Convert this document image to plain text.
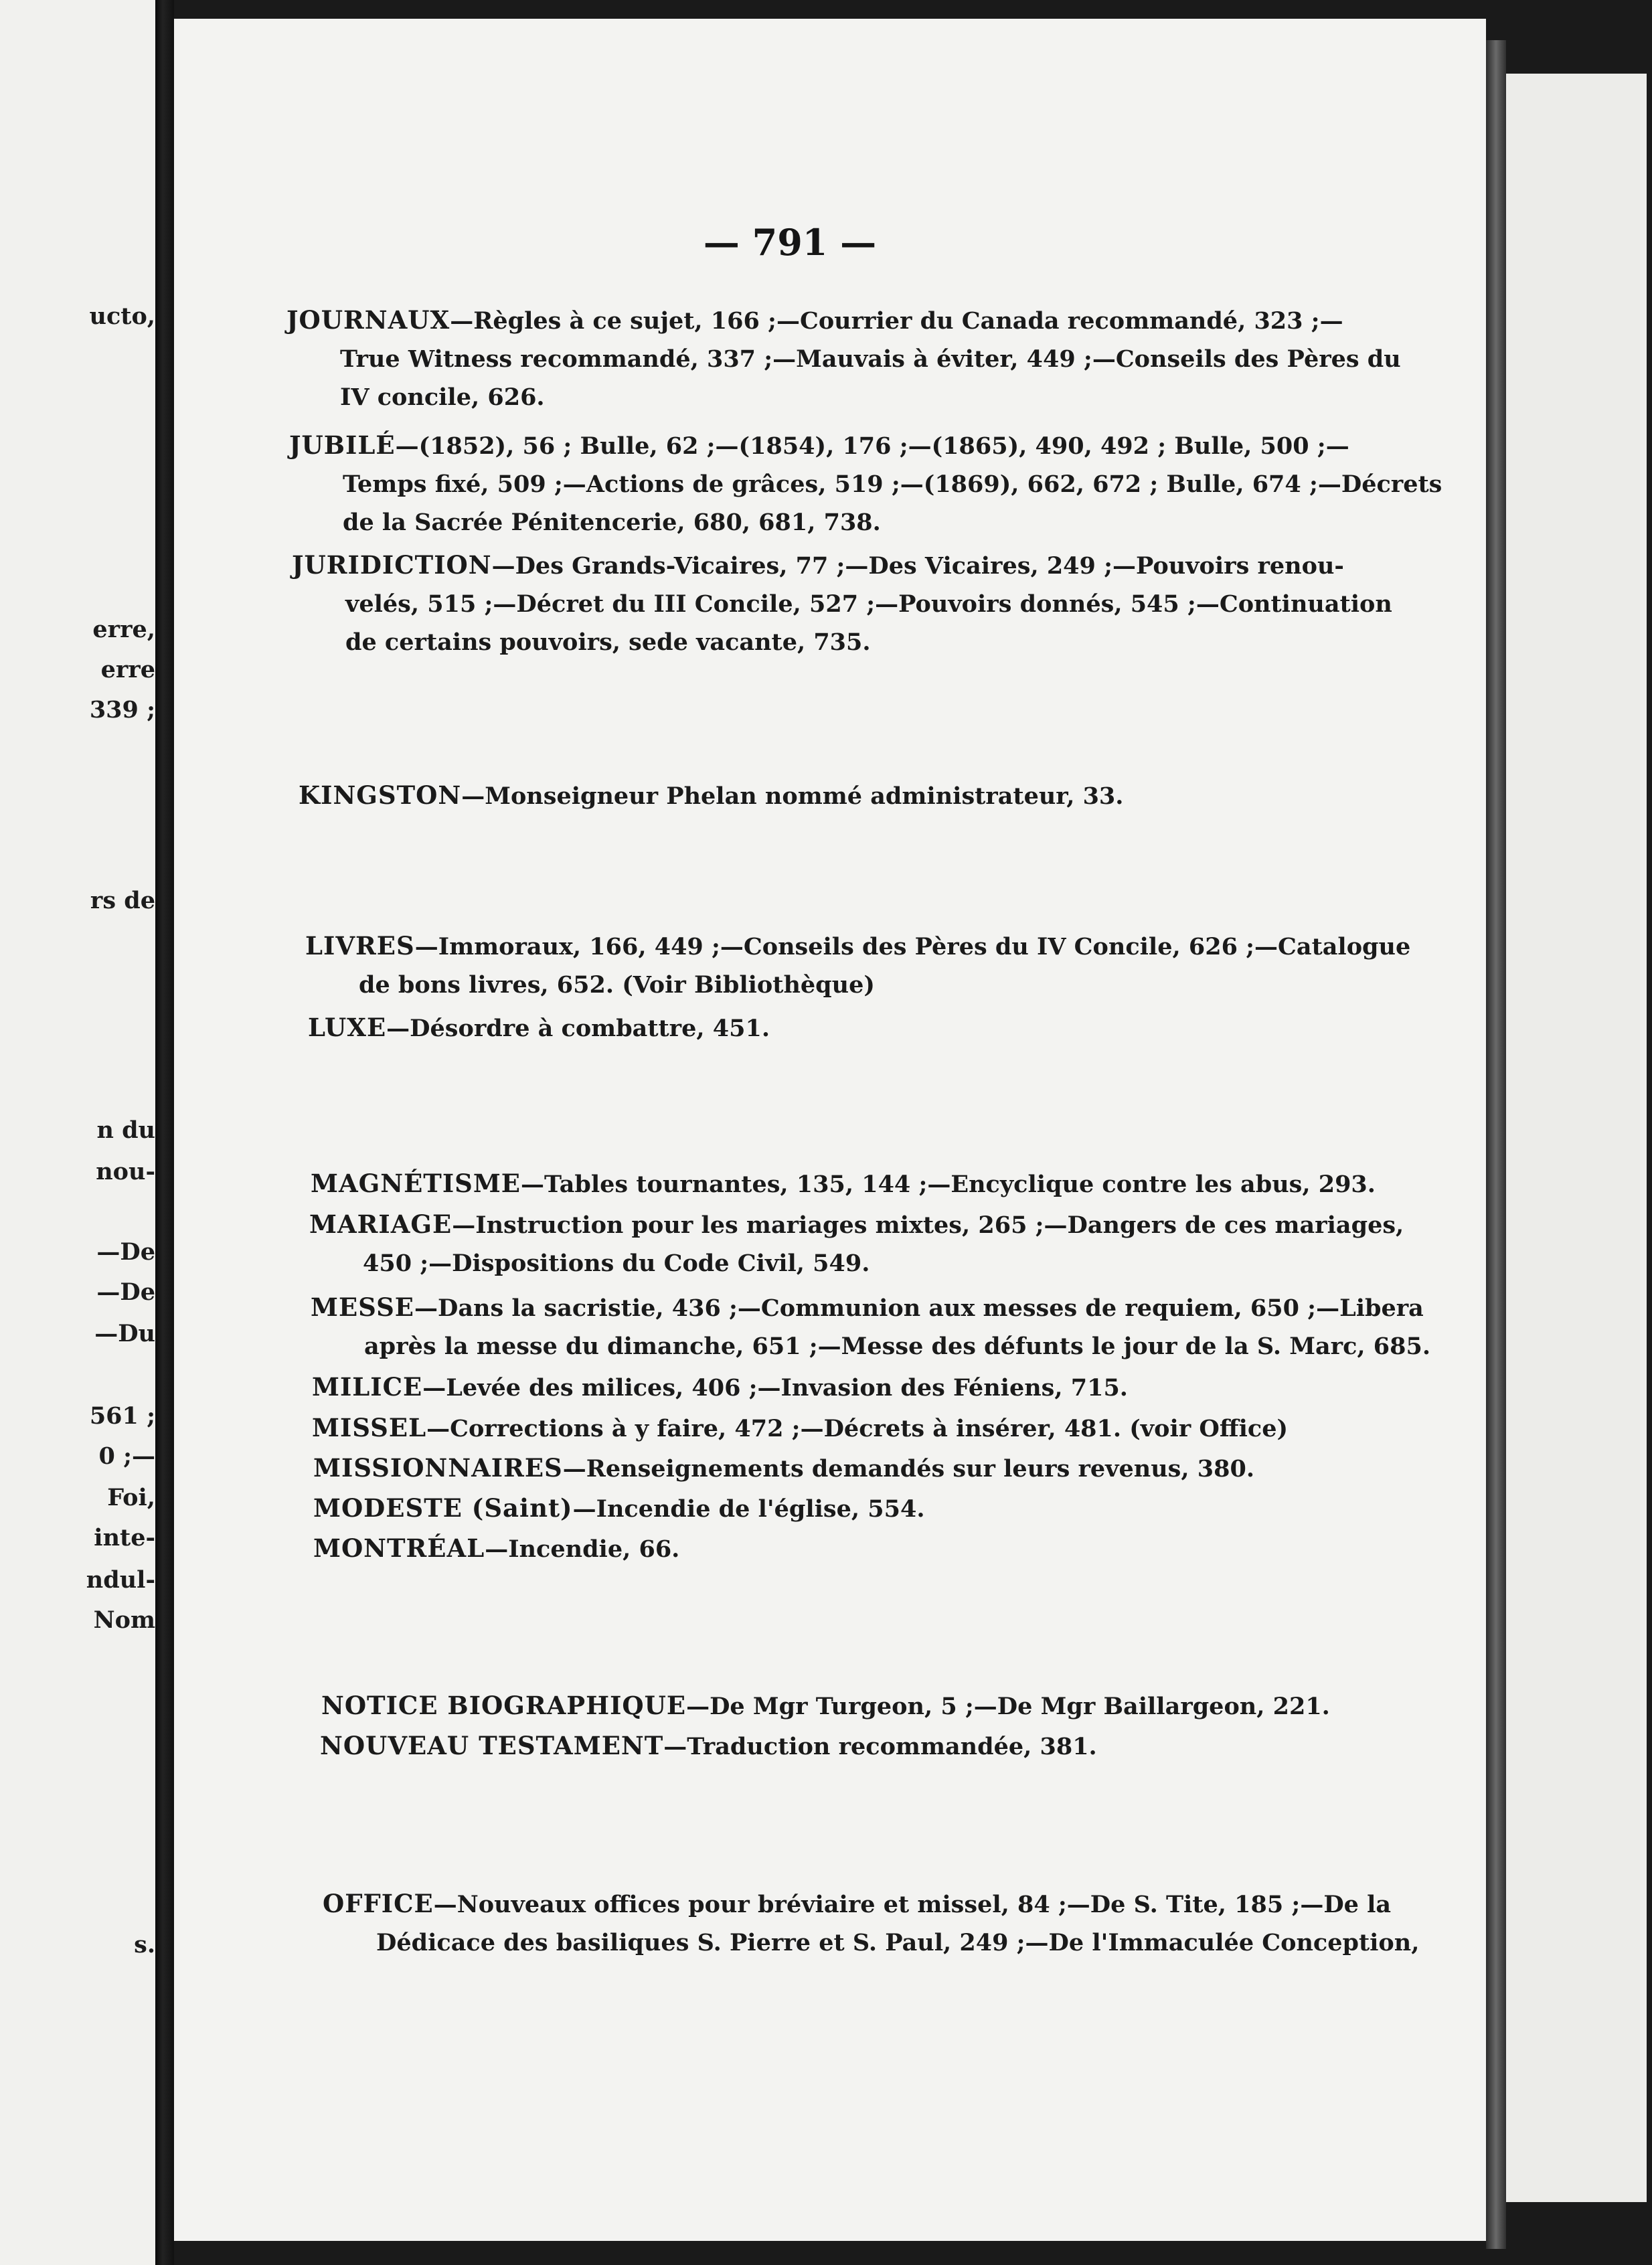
ucto,
erre,
erre
339 ;
rs de
n du
nou-
—De
—De
—Du
561 ;
0 ;—
Foi,
inte-
ndul-
Nom
s.
— 791 —

JOURNAUX—Règles à ce sujet, 166 ;—Courrier du Canada recommandé, 323 ;—
True Witness recommandé, 337 ;—Mauvais à éviter, 449 ;—Conseils des Pères du
IV concile, 626.

JUBILÉ—(1852), 56 ; Bulle, 62 ;—(1854), 176 ;—(1865), 490, 492 ; Bulle, 500 ;—
Temps fixé, 509 ;—Actions de grâces, 519 ;—(1869), 662, 672 ; Bulle, 674 ;—Décrets
de la Sacrée Pénitencerie, 680, 681, 738.

JURIDICTION—Des Grands-Vicaires, 77 ;—Des Vicaires, 249 ;—Pouvoirs renou-
velés, 515 ;—Décret du III Concile, 527 ;—Pouvoirs donnés, 545 ;—Continuation
de certains pouvoirs, sede vacante, 735.

KINGSTON—Monseigneur Phelan nommé administrateur, 33.

LIVRES—Immoraux, 166, 449 ;—Conseils des Pères du IV Concile, 626 ;—Catalogue
de bons livres, 652. (Voir Bibliothèque)

LUXE—Désordre à combattre, 451.

MAGNÉTISME—Tables tournantes, 135, 144 ;—Encyclique contre les abus, 293.

MARIAGE—Instruction pour les mariages mixtes, 265 ;—Dangers de ces mariages,
450 ;—Dispositions du Code Civil, 549.

MESSE—Dans la sacristie, 436 ;—Communion aux messes de requiem, 650 ;—Libera
après la messe du dimanche, 651 ;—Messe des défunts le jour de la S. Marc, 685.

MILICE—Levée des milices, 406 ;—Invasion des Féniens, 715.

MISSEL—Corrections à y faire, 472 ;—Décrets à insérer, 481. (voir Office)

MISSIONNAIRES—Renseignements demandés sur leurs revenus, 380.

MODESTE (Saint)—Incendie de l'église, 554.

MONTRÉAL—Incendie, 66.

NOTICE BIOGRAPHIQUE—De Mgr Turgeon, 5 ;—De Mgr Baillargeon, 221.

NOUVEAU TESTAMENT—Traduction recommandée, 381.

OFFICE—Nouveaux offices pour bréviaire et missel, 84 ;—De S. Tite, 185 ;—De la
Dédicace des basiliques S. Pierre et S. Paul, 249 ;—De l'Immaculée Conception,
